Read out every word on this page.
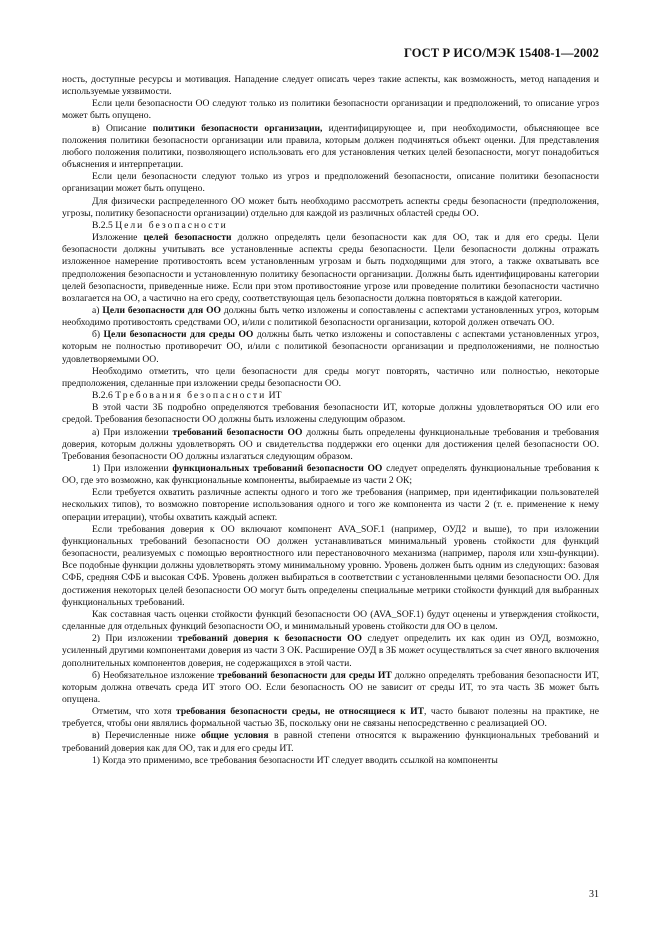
ГОСТ Р ИСО/МЭК 15408-1—2002

ность, доступные ресурсы и мотивация. Нападение следует описать через такие аспекты, как возможность, метод нападения и используемые уязвимости.

Если цели безопасности ОО следуют только из политики безопасности организации и предположений, то описание угроз может быть опущено.

в) Описание политики безопасности организации, идентифицирующее и, при необходимости, объясняющее все положения политики безопасности организации или правила, которым должен подчиняться объект оценки. Для представления любого положения политики, позволяющего использовать его для установления четких целей безопасности, могут понадобиться объяснения и интерпретации.

Если цели безопасности следуют только из угроз и предположений безопасности, описание политики безопасности организации может быть опущено.

Для физически распределенного ОО может быть необходимо рассмотреть аспекты среды безопасности (предположения, угрозы, политику безопасности организации) отдельно для каждой из различных областей среды ОО.

В.2.5 Цели безопасности

Изложение целей безопасности должно определять цели безопасности как для ОО, так и для его среды. Цели безопасности должны учитывать все установленные аспекты среды безопасности. Цели безопасности должны отражать изложенное намерение противостоять всем установленным угрозам и быть подходящими для этого, а также охватывать все предположения безопасности и установленную политику безопасности организации. Должны быть идентифицированы категории целей безопасности, приведенные ниже. Если при этом противостояние угрозе или проведение политики безопасности частично возлагается на ОО, а частично на его среду, соответствующая цель безопасности должна повторяться в каждой категории.

а) Цели безопасности для ОО должны быть четко изложены и сопоставлены с аспектами установленных угроз, которым необходимо противостоять средствами ОО, и/или с политикой безопасности организации, которой должен отвечать ОО.

б) Цели безопасности для среды ОО должны быть четко изложены и сопоставлены с аспектами установленных угроз, которым не полностью противоречит ОО, и/или с политикой безопасности организации и предположениями, не полностью удовлетворяемыми ОО.

Необходимо отметить, что цели безопасности для среды могут повторять, частично или полностью, некоторые предположения, сделанные при изложении среды безопасности ОО.

В.2.6 Требования безопасности ИТ

В этой части ЗБ подробно определяются требования безопасности ИТ, которые должны удовлетворяться ОО или его средой. Требования безопасности ОО должны быть изложены следующим образом.

а) При изложении требований безопасности ОО должны быть определены функциональные требования и требования доверия, которым должны удовлетворять ОО и свидетельства поддержки его оценки для достижения целей безопасности ОО. Требования безопасности ОО должны излагаться следующим образом.

1) При изложении функциональных требований безопасности ОО следует определять функциональные требования к ОО, где это возможно, как функциональные компоненты, выбираемые из части 2 ОК;

Если требуется охватить различные аспекты одного и того же требования (например, при идентификации пользователей нескольких типов), то возможно повторение использования одного и того же компонента из части 2 (т. е. применение к нему операции итерации), чтобы охватить каждый аспект.

Если требования доверия к ОО включают компонент AVA_SOF.1 (например, ОУД2 и выше), то при изложении функциональных требований безопасности ОО должен устанавливаться минимальный уровень стойкости для функций безопасности, реализуемых с помощью вероятностного или перестановочного механизма (например, пароля или хэш-функции). Все подобные функции должны удовлетворять этому минимальному уровню. Уровень должен быть одним из следующих: базовая СФБ, средняя СФБ и высокая СФБ. Уровень должен выбираться в соответствии с установленными целями безопасности ОО. Для достижения некоторых целей безопасности ОО могут быть определены специальные метрики стойкости функций для выбранных функциональных требований.

Как составная часть оценки стойкости функций безопасности ОО (AVA_SOF.1) будут оценены и утверждения стойкости, сделанные для отдельных функций безопасности ОО, и минимальный уровень стойкости для ОО в целом.

2) При изложении требований доверия к безопасности ОО следует определить их как один из ОУД, возможно, усиленный другими компонентами доверия из части 3 ОК. Расширение ОУД в ЗБ может осуществляться за счет явного включения дополнительных компонентов доверия, не содержащихся в этой части.

б) Необязательное изложение требований безопасности для среды ИТ должно определять требования безопасности ИТ, которым должна отвечать среда ИТ этого ОО. Если безопасность ОО не зависит от среды ИТ, то эта часть ЗБ может быть опущена.

Отметим, что хотя требования безопасности среды, не относящиеся к ИТ, часто бывают полезны на практике, не требуется, чтобы они являлись формальной частью ЗБ, поскольку они не связаны непосредственно с реализацией ОО.

в) Перечисленные ниже общие условия в равной степени относятся к выражению функциональных требований и требований доверия как для ОО, так и для его среды ИТ.

1) Когда это применимо, все требования безопасности ИТ следует вводить ссылкой на компоненты

31
